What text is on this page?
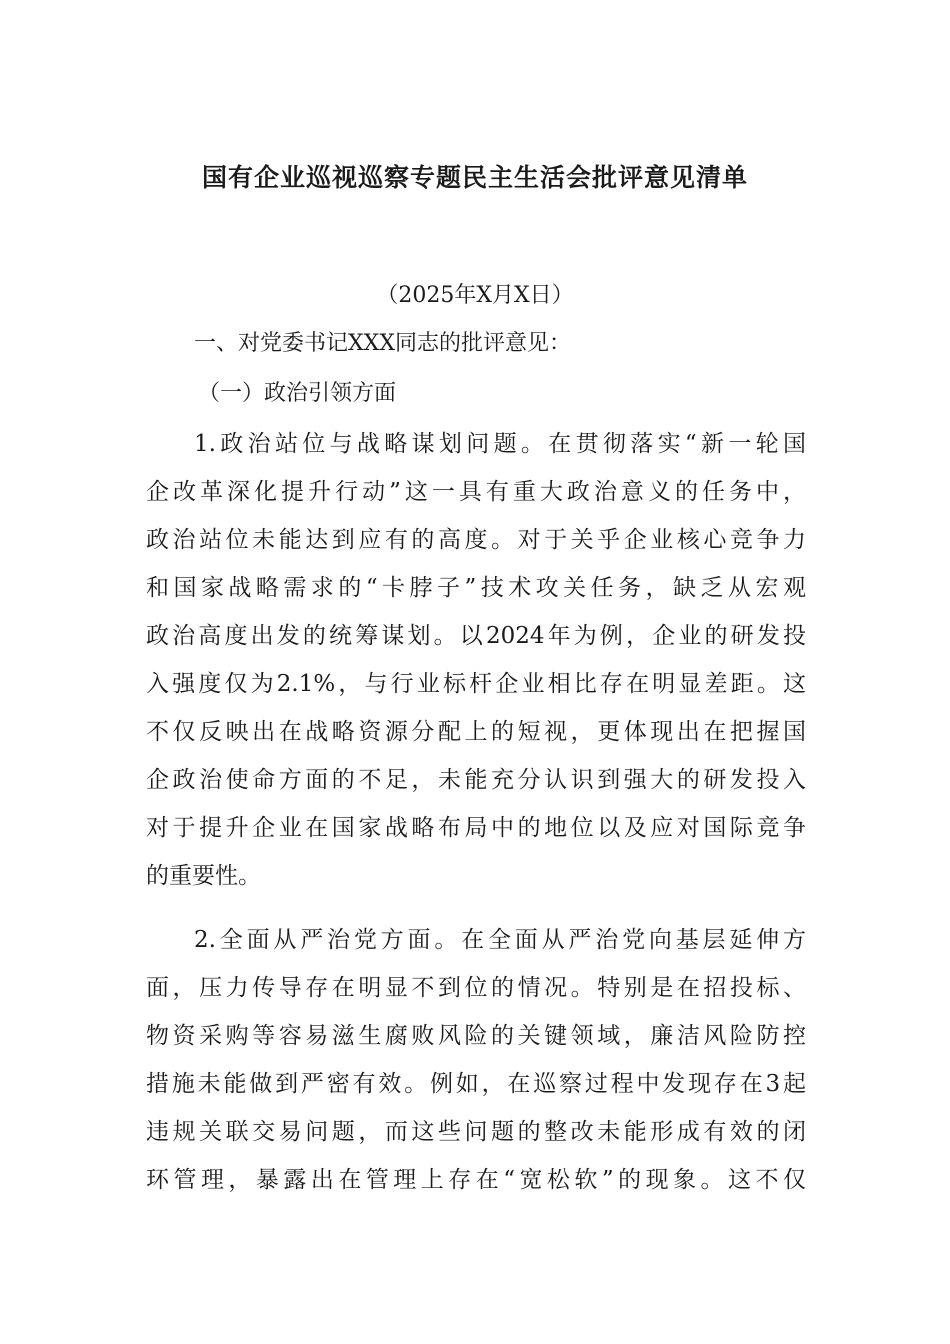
国有企业巡视巡察专题民主生活会批评意见清单
（2025年X月X日）
一、对党委书记XXX同志的批评意见：
（一）政治引领方面
1.政治站位与战略谋划问题。在贯彻落实“新一轮国
企改革深化提升行动”这一具有重大政治意义的任务中，
政治站位未能达到应有的高度。对于关乎企业核心竞争力
和国家战略需求的“卡脖子”技术攻关任务，缺乏从宏观
政治高度出发的统筹谋划。以2024年为例，企业的研发投
入强度仅为2.1%，与行业标杆企业相比存在明显差距。这
不仅反映出在战略资源分配上的短视，更体现出在把握国
企政治使命方面的不足，未能充分认识到强大的研发投入
对于提升企业在国家战略布局中的地位以及应对国际竞争
的重要性。
2.全面从严治党方面。在全面从严治党向基层延伸方
面，压力传导存在明显不到位的情况。特别是在招投标、
物资采购等容易滋生腐败风险的关键领域，廉洁风险防控
措施未能做到严密有效。例如，在巡察过程中发现存在3起
违规关联交易问题，而这些问题的整改未能形成有效的闭
环管理，暴露出在管理上存在“宽松软”的现象。这不仅
